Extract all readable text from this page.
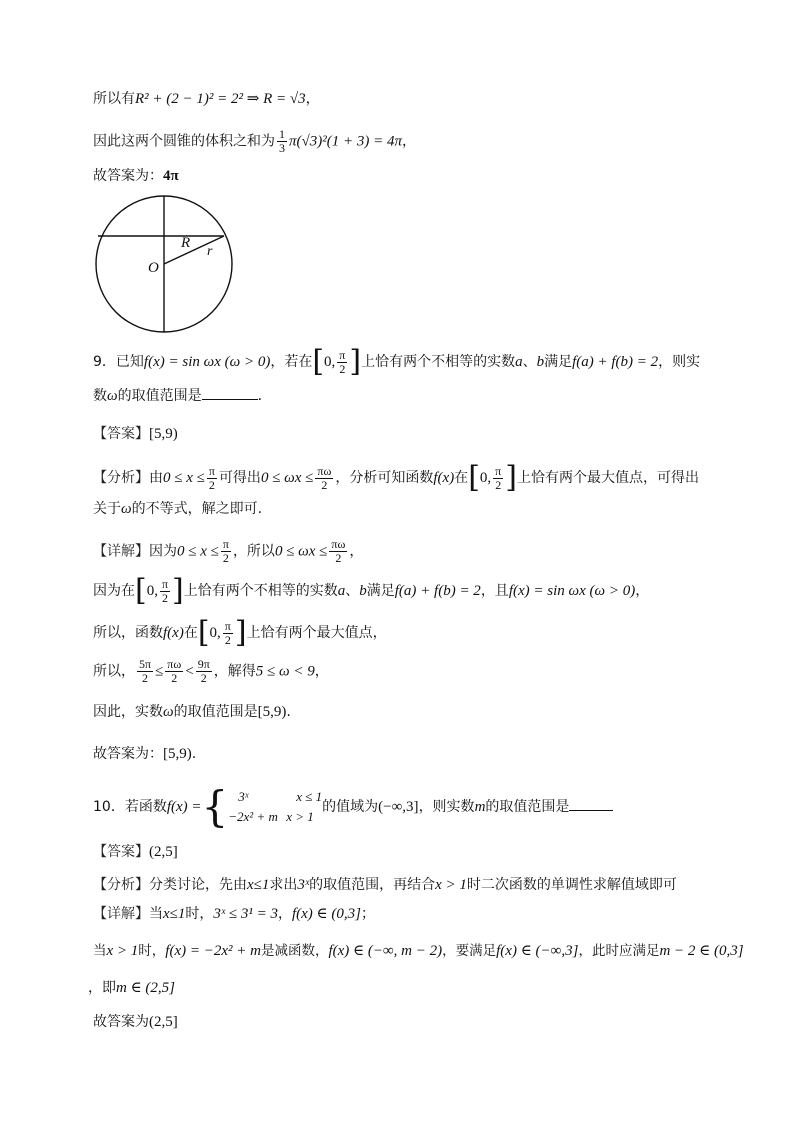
所以有R² + (2 − 1)² = 2² ⇒ R = √3，
因此这两个圆锥的体积之和为 $\frac{1}{3} \pi(√3)^2(1 + 3) = 4\pi$，
故答案为：4π
R
r
O
9．已知f(x) = sin ωx (ω > 0)，若在[0, $\frac{\pi}{2}$ ]上恰有两个不相等的实数a、b满足f(a) + f(b) = 2，则实
数ω的取值范围是	．
【答案】[5,9)
【分析】由$0 \le x \le \frac{\pi}{2}$ 可得出$0 \le \omega x \le \frac{\pi\omega}{2}$ ，分析可知函数f(x)在[0, $\frac{\pi}{2}$ ]上恰有两个最大值点，可得出
关于ω的不等式，解之即可.
【详解】因为$0 \le x \le \frac{\pi}{2}$ ，所以$0 \le \omega x \le \frac{\pi\omega}{2}$ ，
因为在[0, $\frac{\pi}{2}$ ]上恰有两个不相等的实数a、b满足f(a) + f(b) = 2，且f(x) = sin ωx (ω > 0)，
所以，函数f(x)在[0, $\frac{\pi}{2}$ ]上恰有两个最大值点，
所以， $\frac{5\pi}{2} \le \frac{\pi\omega}{2} < \frac{9\pi}{2}$ ，解得5 ≤ ω < 9，
因此，实数ω的取值范围是[5,9).
故答案为：[5,9).
10．若函数f(x) ={ 3ˣ	x ≤ 1
−2x² + m x > 1
的值域为(−∞,3]，则实数m的取值范围是
【答案】(2,5]
【分析】分类讨论，先由x≤1求出3ˣ的取值范围，再结合x > 1时二次函数的单调性求解值域即可
【详解】当x≤1时，3ˣ ≤ 3¹ = 3，f(x) ∈ (0,3]；
当x > 1时，f(x) = −2x² + m是减函数，f(x) ∈ (−∞, m − 2)，要满足f(x) ∈ (−∞,3]，此时应满足m − 2 ∈ (0,3]
，即m ∈ (2,5]
故答案为(2,5]
